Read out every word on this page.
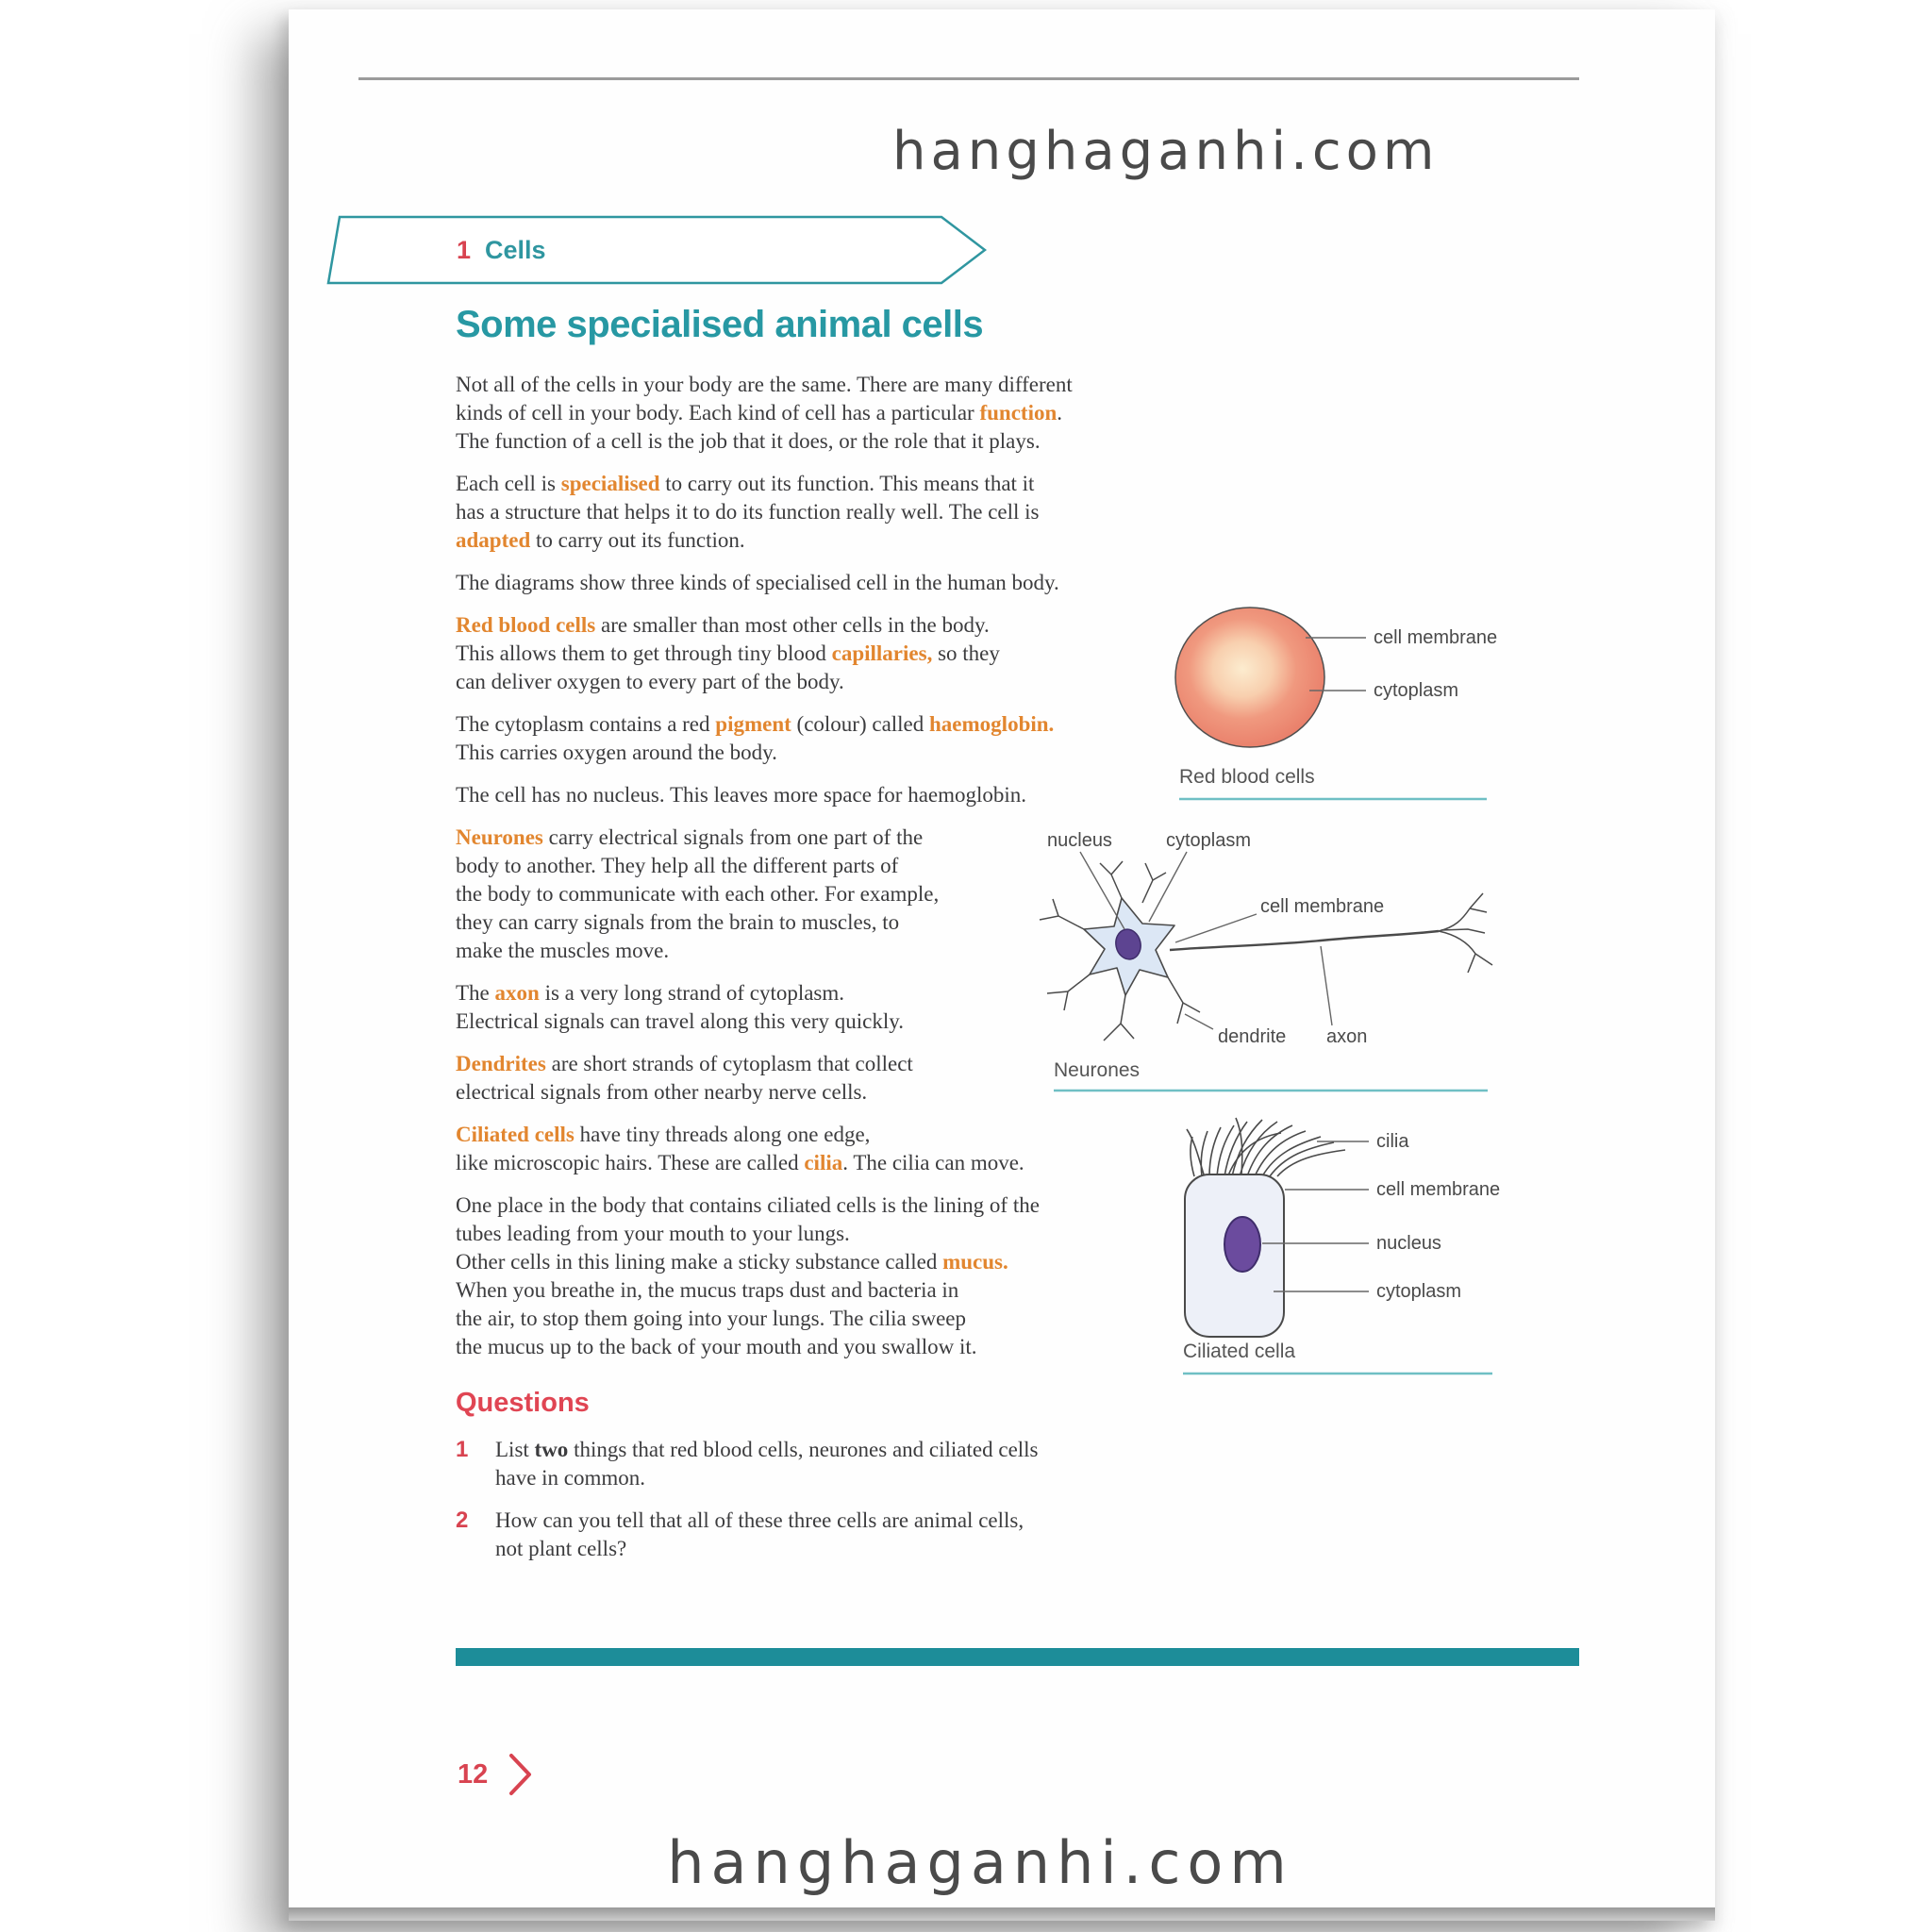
hanghaganhi.com
1 Cells
Some specialised animal cells
Not all of the cells in your body are the same. There are many different
kinds of cell in your body. Each kind of cell has a particular function.
The function of a cell is the job that it does, or the role that it plays.
Each cell is specialised to carry out its function. This means that it
has a structure that helps it to do its function really well. The cell is
adapted to carry out its function.
The diagrams show three kinds of specialised cell in the human body.
Red blood cells are smaller than most other cells in the body.
This allows them to get through tiny blood capillaries, so they
can deliver oxygen to every part of the body.
The cytoplasm contains a red pigment (colour) called haemoglobin.
This carries oxygen around the body.
The cell has no nucleus. This leaves more space for haemoglobin.
Neurones carry electrical signals from one part of the
body to another. They help all the different parts of
the body to communicate with each other. For example,
they can carry signals from the brain to muscles, to
make the muscles move.
The axon is a very long strand of cytoplasm.
Electrical signals can travel along this very quickly.
Dendrites are short strands of cytoplasm that collect
electrical signals from other nearby nerve cells.
Ciliated cells have tiny threads along one edge,
like microscopic hairs. These are called cilia. The cilia can move.
One place in the body that contains ciliated cells is the lining of the
tubes leading from your mouth to your lungs.
Other cells in this lining make a sticky substance called mucus.
When you breathe in, the mucus traps dust and bacteria in
the air, to stop them going into your lungs. The cilia sweep
the mucus up to the back of your mouth and you swallow it.
Questions
1	List two things that red blood cells, neurones and ciliated cells
have in common.
2	How can you tell that all of these three cells are animal cells,
not plant cells?
cell membrane
cytoplasm
Red blood cells
nucleus	cytoplasm
cell membrane
dendrite axon
Neurones
cilia
cell membrane
nucleus
cytoplasm
Ciliated cella
12
hanghaganhi.com
